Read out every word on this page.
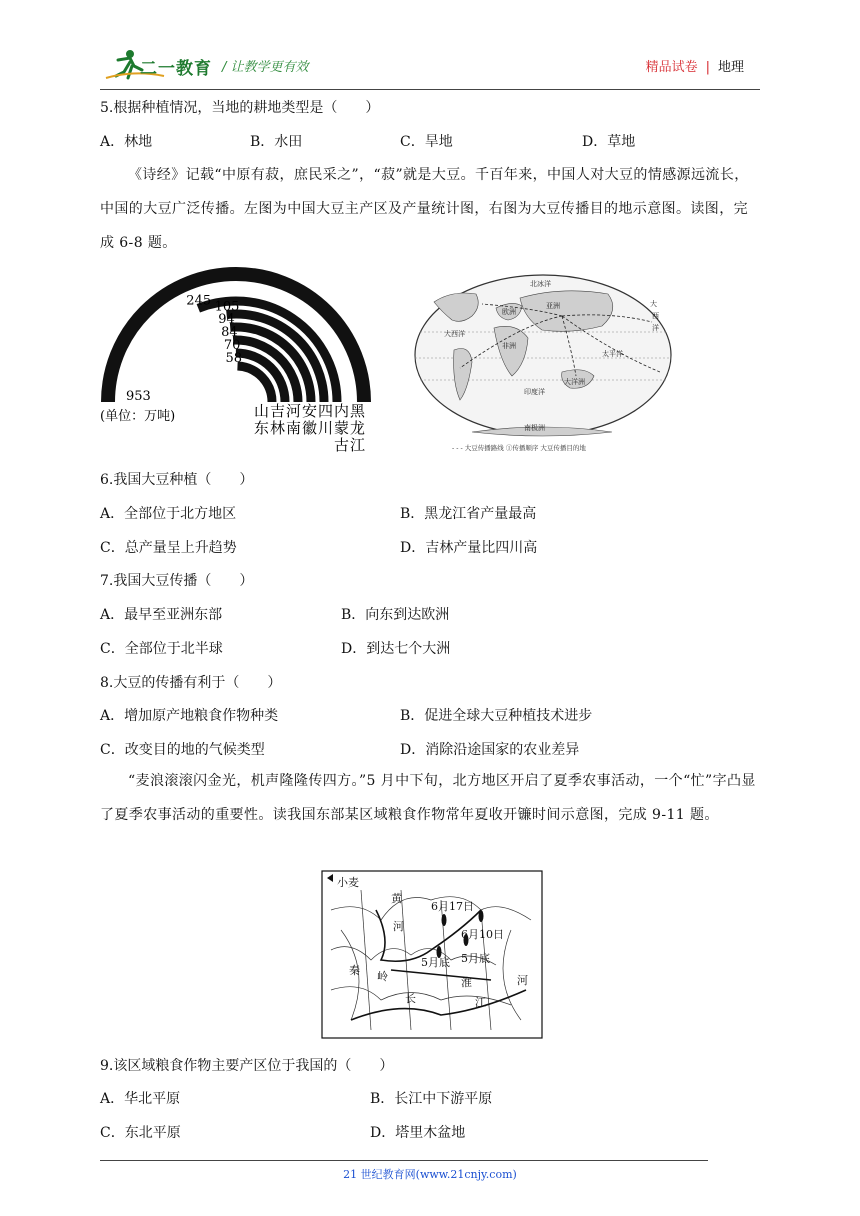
二一教育 / 让教学更有效	精品试卷 | 地理
5.根据种植情况，当地的耕地类型是（　　）
A．林地	B．水田	C．旱地	D．草地
《诗经》记载“中原有菽，庶民采之”，“菽”就是大豆。千百年来，中国人对大豆的情感源远流长，中国的大豆广泛传播。左图为中国大豆主产区及产量统计图，右图为大豆传播目的地示意图。读图，完成 6-8 题。
58
70
84
94
105
245
953
山
东
吉
林
河
南
安
徽
四
川
内
蒙
古
黑
龙
江
(单位：万吨)
北冰洋
亚洲
欧洲
非洲
大西洋
太平洋
印度洋
大洋洲
南极洲
大
西
洋
- - - 大豆传播路线 ①传播顺序 大豆传播目的地
6.我国大豆种植（　　）
A．全部位于北方地区	B．黑龙江省产量最高
C．总产量呈上升趋势	D．吉林产量比四川高
7.我国大豆传播（　　）
A．最早至亚洲东部	B．向东到达欧洲
C．全部位于北半球	D．到达七个大洲
8.大豆的传播有利于（　　）
A．增加原产地粮食作物种类	B．促进全球大豆种植技术进步
C．改变目的地的气候类型	D．消除沿途国家的农业差异
“麦浪滚滚闪金光，机声隆隆传四方。”5 月中下旬，北方地区开启了夏季农事活动，一个“忙”字凸显了夏季农事活动的重要性。读我国东部某区域粮食作物常年夏收开镰时间示意图，完成 9-11 题。
小麦
黄
河
6月17日
6月10日
5月底 5月底
秦 岭
长
淮	河
江
9.该区域粮食作物主要产区位于我国的（　　）
A．华北平原	B．长江中下游平原
C．东北平原	D．塔里木盆地
21 世纪教育网(www.21cnjy.com)
